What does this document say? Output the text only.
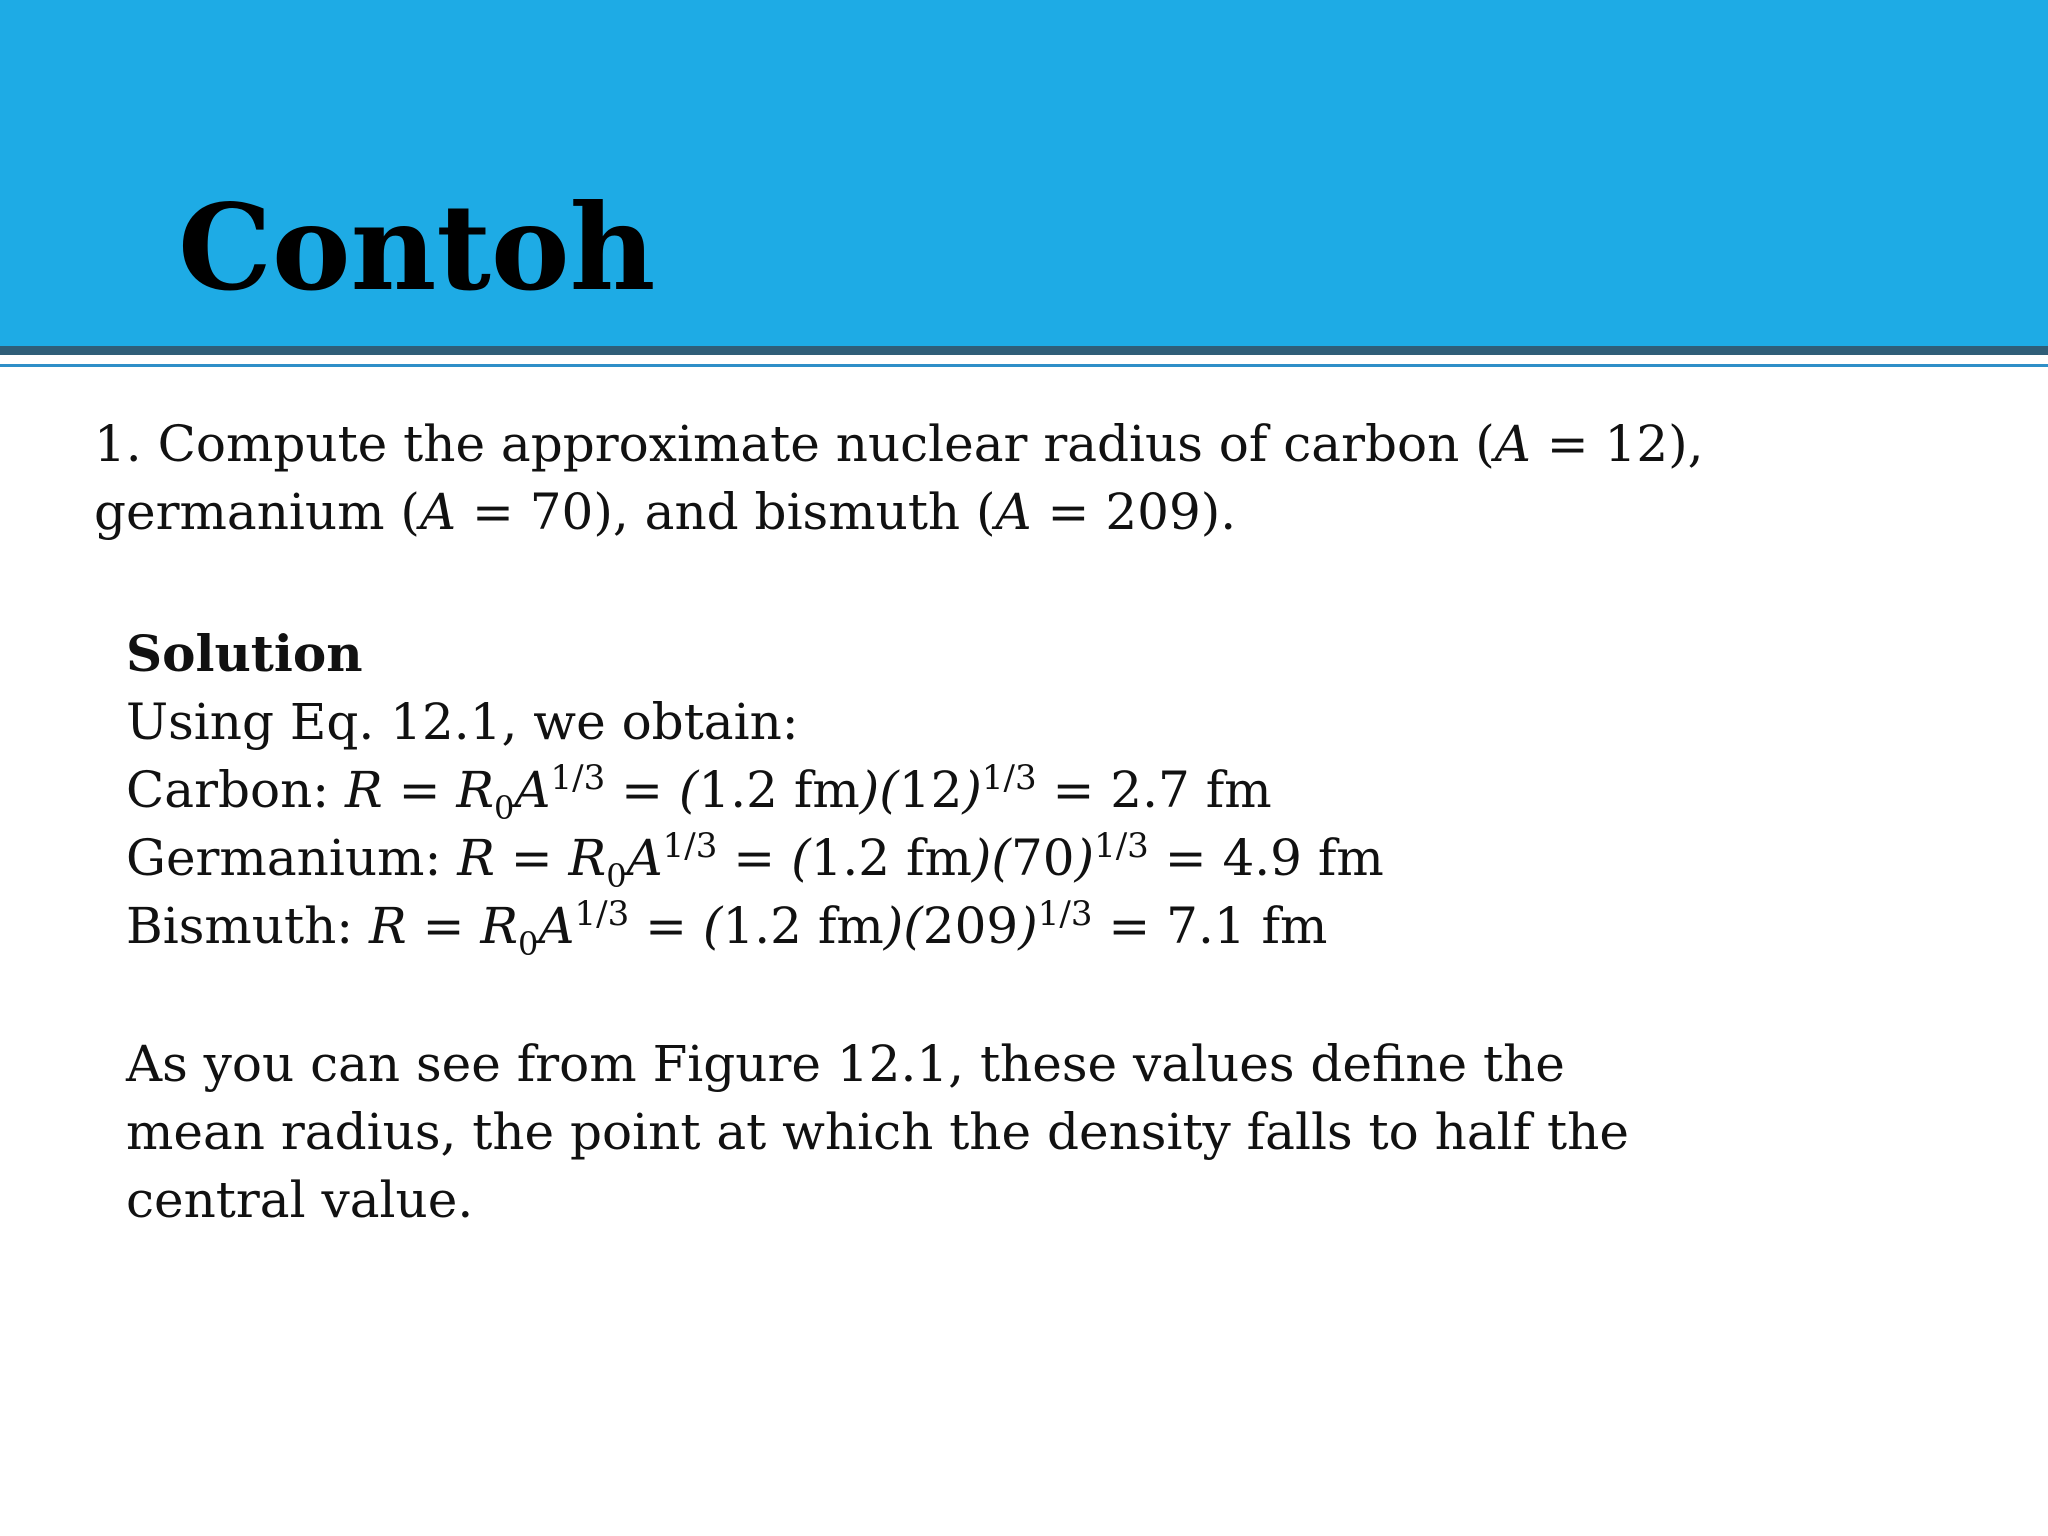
Contoh

1. Compute the approximate nuclear radius of carbon (A = 12),
germanium (A = 70), and bismuth (A = 209).

Solution
Using Eq. 12.1, we obtain:
Carbon: $R = R_0A^{1/3} = (1.2$ $fm)(12)^{1/3} = 2.7$ fm
Germanium: $R = R_0A^{1/3} = (1.2$ $fm)(70)^{1/3} = 4.9$ fm
Bismuth: $R = R_0A^{1/3} = (1.2$ $fm)(209)^{1/3} = 7.1$ fm

As you can see from Figure 12.1, these values define the
mean radius, the point at which the density falls to half the
central value.
